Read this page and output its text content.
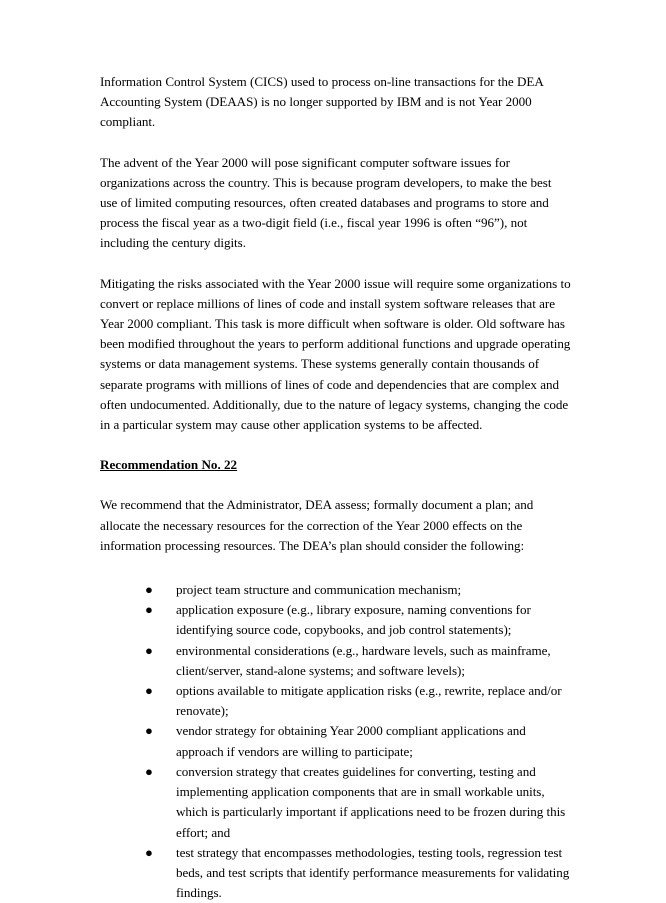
Information Control System (CICS) used to process on-line transactions for the DEA Accounting System (DEAAS) is no longer supported by IBM and is not Year 2000 compliant.

The advent of the Year 2000 will pose significant computer software issues for organizations across the country. This is because program developers, to make the best use of limited computing resources, often created databases and programs to store and process the fiscal year as a two-digit field (i.e., fiscal year 1996 is often “96”), not including the century digits.

Mitigating the risks associated with the Year 2000 issue will require some organizations to convert or replace millions of lines of code and install system software releases that are Year 2000 compliant. This task is more difficult when software is older. Old software has been modified throughout the years to perform additional functions and upgrade operating systems or data management systems. These systems generally contain thousands of separate programs with millions of lines of code and dependencies that are complex and often undocumented. Additionally, due to the nature of legacy systems, changing the code in a particular system may cause other application systems to be affected.

Recommendation No. 22

We recommend that the Administrator, DEA assess; formally document a plan; and allocate the necessary resources for the correction of the Year 2000 effects on the information processing resources. The DEA’s plan should consider the following:

● project team structure and communication mechanism;
● application exposure (e.g., library exposure, naming conventions for identifying source code, copybooks, and job control statements);
● environmental considerations (e.g., hardware levels, such as mainframe, client/server, stand-alone systems; and software levels);
● options available to mitigate application risks (e.g., rewrite, replace and/or renovate);
● vendor strategy for obtaining Year 2000 compliant applications and approach if vendors are willing to participate;
● conversion strategy that creates guidelines for converting, testing and implementing application components that are in small workable units, which is particularly important if applications need to be frozen during this effort; and
● test strategy that encompasses methodologies, testing tools, regression test beds, and test scripts that identify performance measurements for validating findings.
